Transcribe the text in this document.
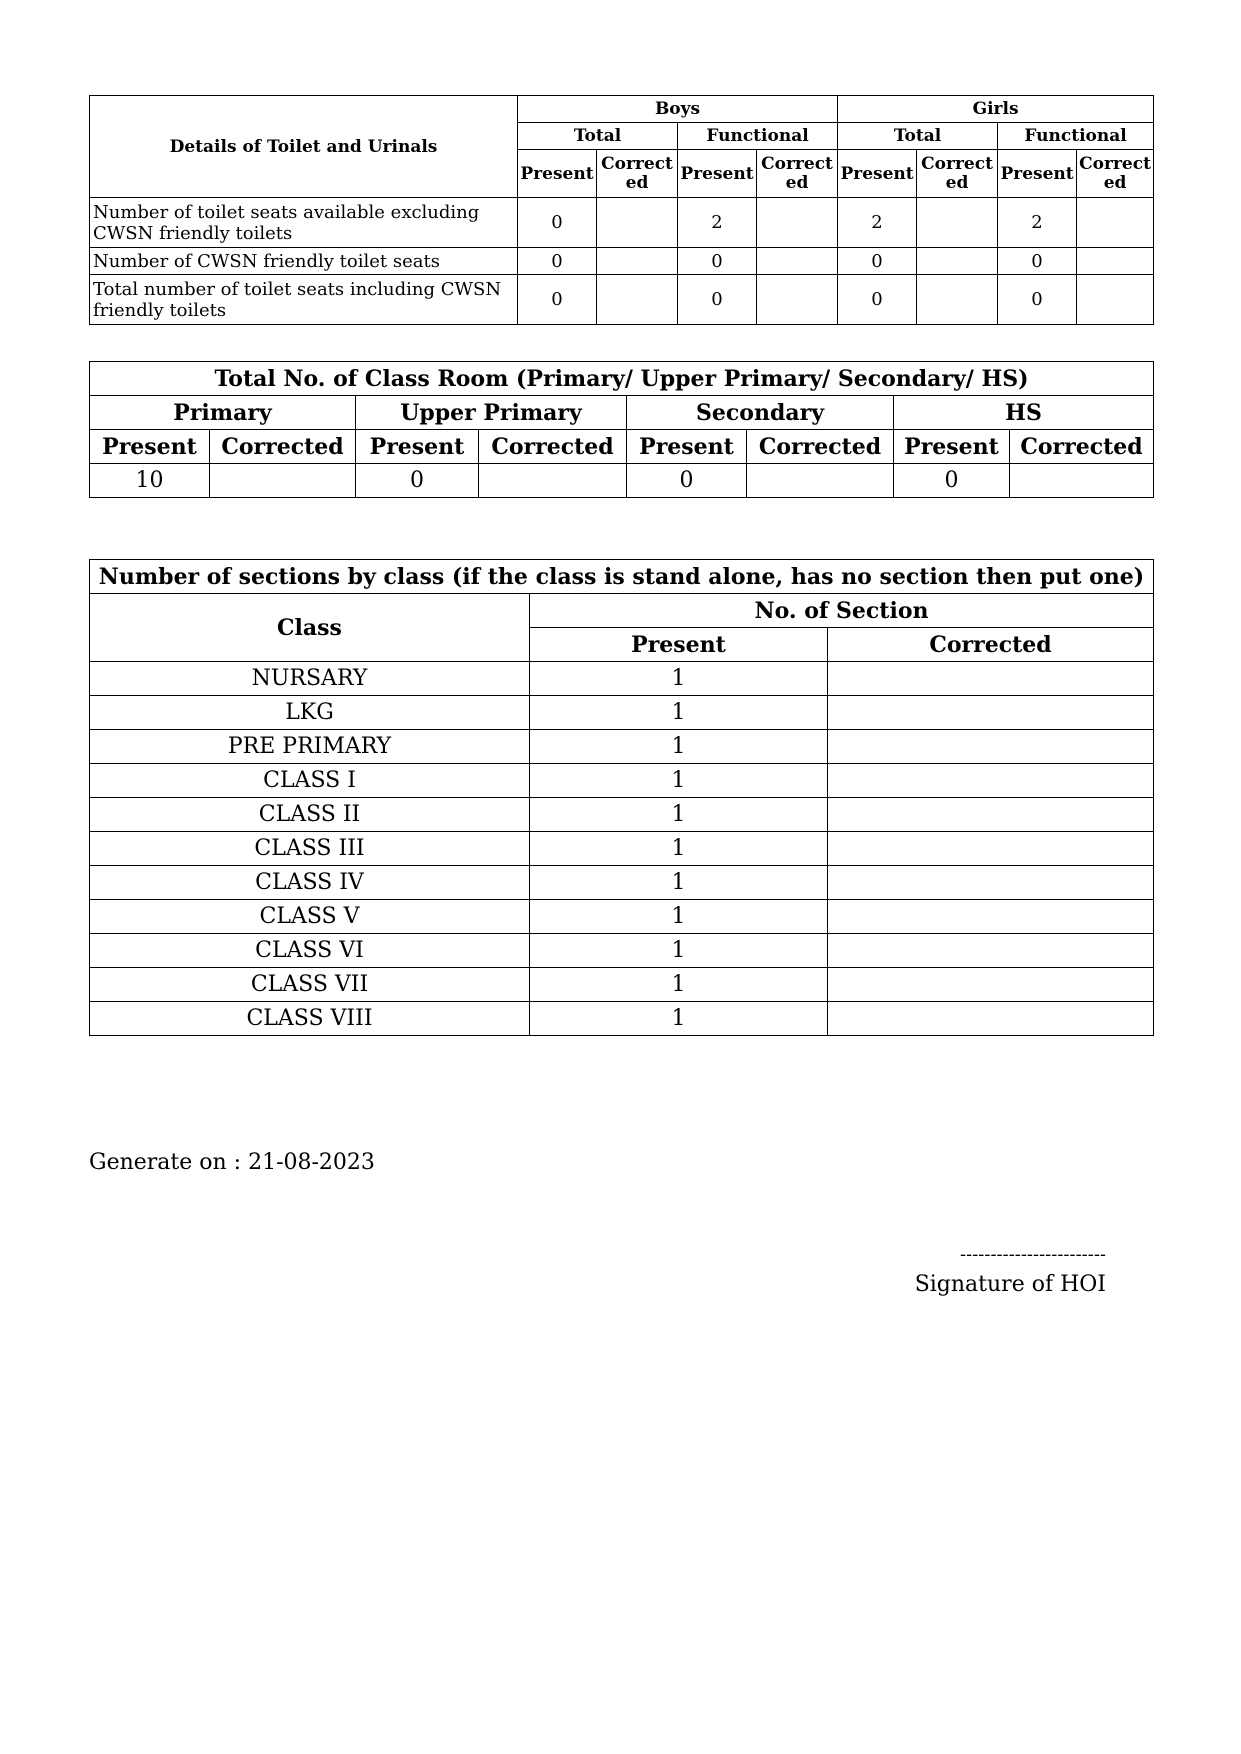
Details of Toilet and Urinals	Boys				Girls			
	Total		Functional		Total		Functional	
	Present	Correct ed	Present	Correct ed	Present	Correct ed	Present	Correct ed
Number of toilet seats available excluding CWSN friendly toilets	0		2		2		2	
Number of CWSN friendly toilet seats	0		0		0		0	
Total number of toilet seats including CWSN friendly toilets	0		0		0		0	
Total No. of Class Room (Primary/ Upper Primary/ Secondary/ HS)							
Primary		Upper Primary		Secondary		HS	
Present	Corrected	Present	Corrected	Present	Corrected	Present	Corrected
10		0		0		0	
Number of sections by class (if the class is stand alone, has no section then put one)		
Class	No. of Section	
	Present	Corrected
NURSARY	1	
LKG	1	
PRE PRIMARY	1	
CLASS I	1	
CLASS II	1	
CLASS III	1	
CLASS IV	1	
CLASS V	1	
CLASS VI	1	
CLASS VII	1	
CLASS VIII	1	
Generate on : 21-08-2023
------------------------
Signature of HOI
